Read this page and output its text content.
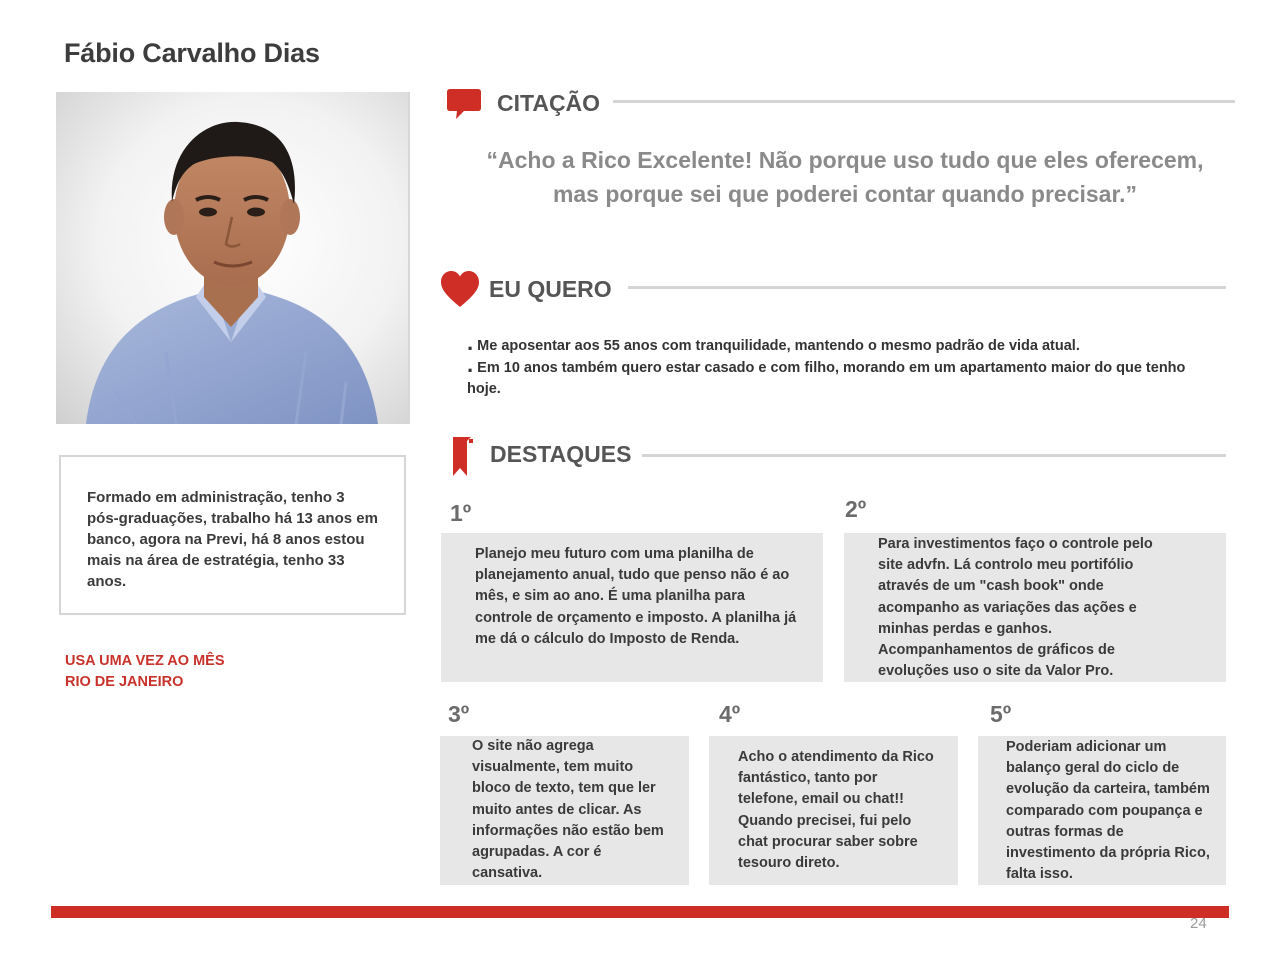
Fábio Carvalho Dias
Formado em administração, tenho 3 pós-graduações, trabalho há 13 anos em banco, agora na Previ, há 8 anos estou mais na área de estratégia, tenho 33 anos.
USA UMA VEZ AO MÊS
RIO DE JANEIRO
CITAÇÃO
“Acho a Rico Excelente! Não porque uso tudo que eles oferecem, mas porque sei que poderei contar quando precisar.”
EU QUERO
. Me aposentar aos 55 anos com tranquilidade, mantendo o mesmo padrão de vida atual.
. Em 10 anos também quero estar casado e com filho, morando em um apartamento maior do que tenho hoje.
DESTAQUES
1º
Planejo meu futuro com uma planilha de planejamento anual, tudo que penso não é ao mês, e sim ao ano. É uma planilha para controle de orçamento e imposto. A planilha já me dá o cálculo do Imposto de Renda.
2º
Para investimentos faço o controle pelo site advfn. Lá controlo meu portifólio através de um "cash book" onde acompanho as variações das ações e minhas perdas e ganhos. Acompanhamentos de gráficos de evoluções uso o site da Valor Pro.
3º
O site não agrega visualmente, tem muito bloco de texto, tem que ler muito antes de clicar. As informações não estão bem agrupadas. A cor é cansativa.
4º
Acho o atendimento da Rico fantástico, tanto por telefone, email ou chat!! Quando precisei, fui pelo chat procurar saber sobre tesouro direto.
5º
Poderiam adicionar um balanço geral do ciclo de evolução da carteira, também comparado com poupança e outras formas de investimento da própria Rico, falta isso.
24
